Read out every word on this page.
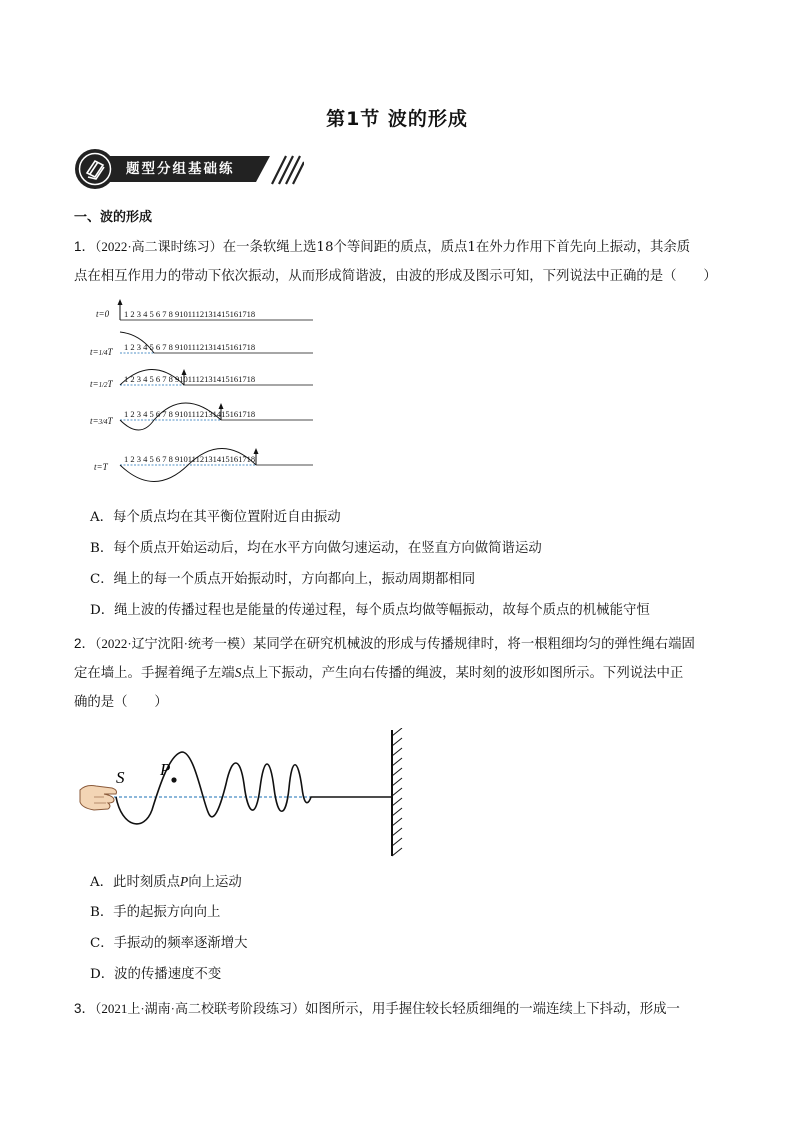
第1节 波的形成
题型分组基础练
一、波的形成
1．（2022·高二课时练习）在一条软绳上选18个等间距的质点，质点1在外力作用下首先向上振动，其余质
点在相互作用力的带动下依次振动，从而形成简谐波，由波的形成及图示可知，下列说法中正确的是（　　）
t=0 1 2 3 4 5 6 7 8 9101112131415161718
t=1/4T 1 2 3 4 5 6 7 8 9101112131415161718
t=1/2T 1 2 3 4 5 6 7 8 9101112131415161718
t=3/4T
1 2 3 4 5 6 7 8 9101112131415161718
t=T
1 2 3 4 5 6 7 8 9101112131415161718
A．每个质点均在其平衡位置附近自由振动
B．每个质点开始运动后，均在水平方向做匀速运动，在竖直方向做简谐运动
C．绳上的每一个质点开始振动时，方向都向上，振动周期都相同
D．绳上波的传播过程也是能量的传递过程，每个质点均做等幅振动，故每个质点的机械能守恒
2．（2022·辽宁沈阳·统考一模）某同学在研究机械波的形成与传播规律时，将一根粗细均匀的弹性绳右端固
定在墙上。手握着绳子左端S点上下振动，产生向右传播的绳波，某时刻的波形如图所示。下列说法中正
确的是（　　）
S P
A．此时刻质点P向上运动
B．手的起振方向向上
C．手振动的频率逐渐增大
D．波的传播速度不变
3．（2021上·湖南·高二校联考阶段练习）如图所示，用手握住较长轻质细绳的一端连续上下抖动，形成一
